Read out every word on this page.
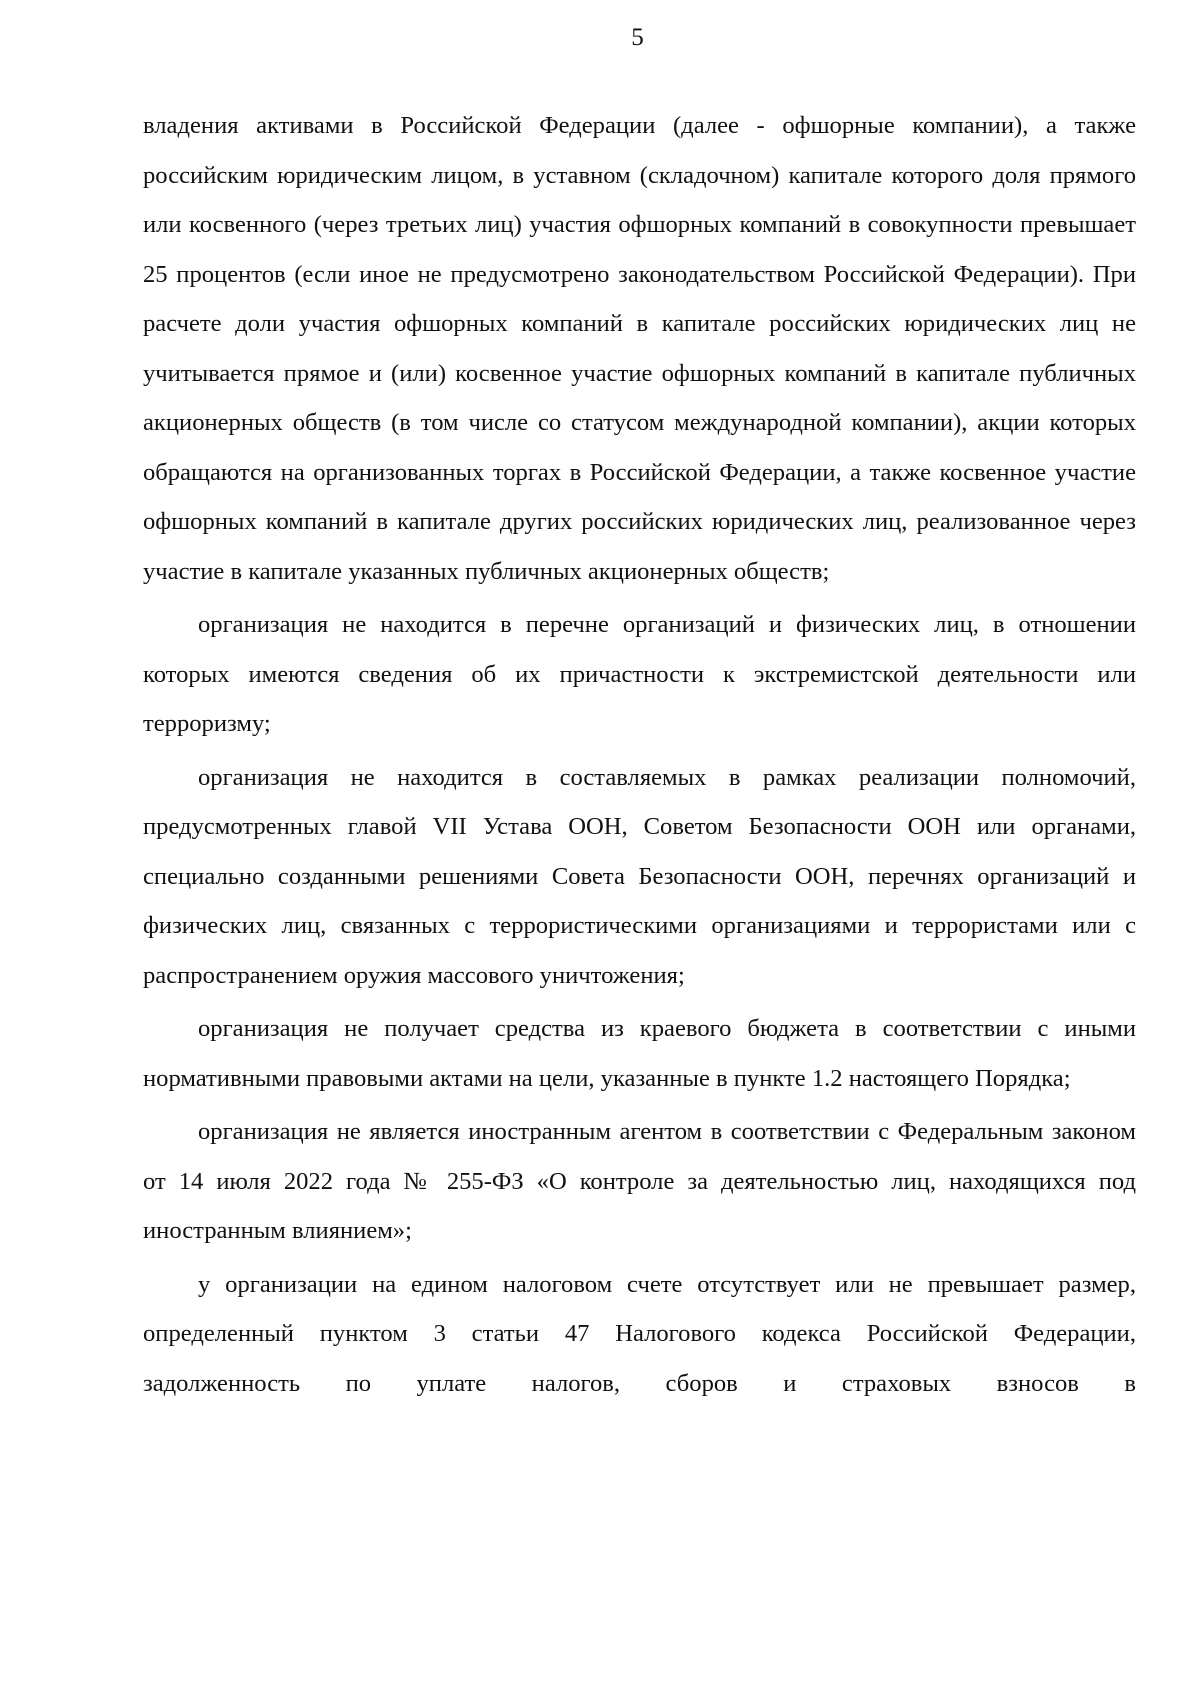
5

владения активами в Российской Федерации (далее - офшорные компании), а также российским юридическим лицом, в уставном (складочном) капитале которого доля прямого или косвенного (через третьих лиц) участия офшорных компаний в совокупности превышает 25 процентов (если иное не предусмотрено законодательством Российской Федерации). При расчете доли участия офшорных компаний в капитале российских юридических лиц не учитывается прямое и (или) косвенное участие офшорных компаний в капитале публичных акционерных обществ (в том числе со статусом международной компании), акции которых обращаются на организованных торгах в Российской Федерации, а также косвенное участие офшорных компаний в капитале других российских юридических лиц, реализованное через участие в капитале указанных публичных акционерных обществ;

организация не находится в перечне организаций и физических лиц, в отношении которых имеются сведения об их причастности к экстремистской деятельности или терроризму;

организация не находится в составляемых в рамках реализации полномочий, предусмотренных главой VII Устава ООН, Советом Безопасности ООН или органами, специально созданными решениями Совета Безопасности ООН, перечнях организаций и физических лиц, связанных с террористическими организациями и террористами или с распространением оружия массового уничтожения;

организация не получает средства из краевого бюджета в соответствии с иными нормативными правовыми актами на цели, указанные в пункте 1.2 настоящего Порядка;

организация не является иностранным агентом в соответствии с Федеральным законом от 14 июля 2022 года № 255-ФЗ «О контроле за деятельностью лиц, находящихся под иностранным влиянием»;

у организации на едином налоговом счете отсутствует или не превышает размер, определенный пунктом 3 статьи 47 Налогового кодекса Российской Федерации, задолженность по уплате налогов, сборов и страховых взносов в
